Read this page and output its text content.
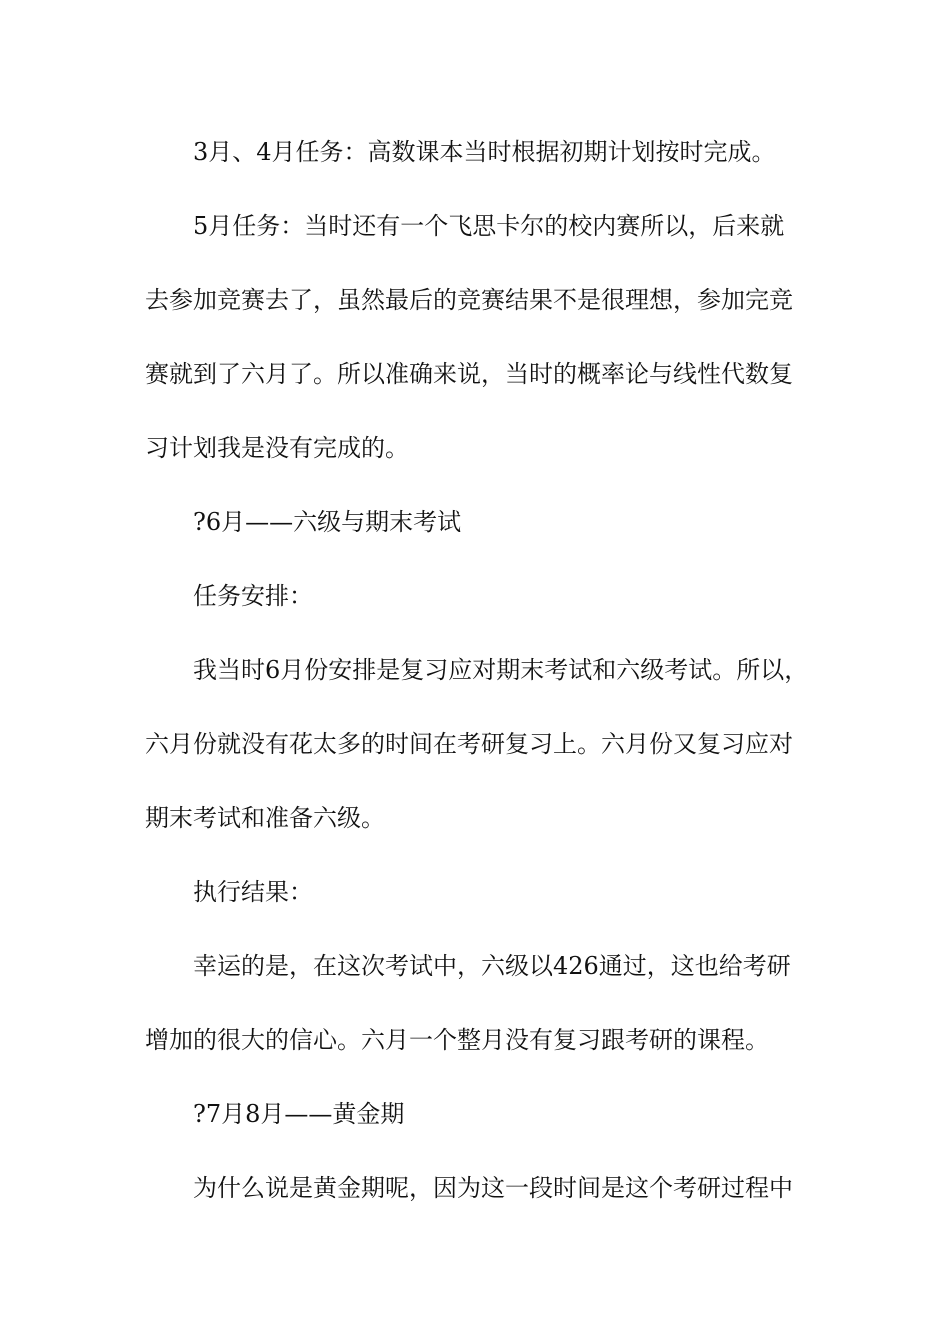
3月、4月任务：高数课本当时根据初期计划按时完成。
5月任务：当时还有一个飞思卡尔的校内赛所以，后来就
去参加竞赛去了，虽然最后的竞赛结果不是很理想，参加完竞
赛就到了六月了。所以准确来说，当时的概率论与线性代数复
习计划我是没有完成的。
?6月——六级与期末考试
任务安排：
我当时6月份安排是复习应对期末考试和六级考试。所以，
六月份就没有花太多的时间在考研复习上。六月份又复习应对
期末考试和准备六级。
执行结果：
幸运的是，在这次考试中，六级以426通过，这也给考研
增加的很大的信心。六月一个整月没有复习跟考研的课程。
?7月8月——黄金期
为什么说是黄金期呢，因为这一段时间是这个考研过程中
